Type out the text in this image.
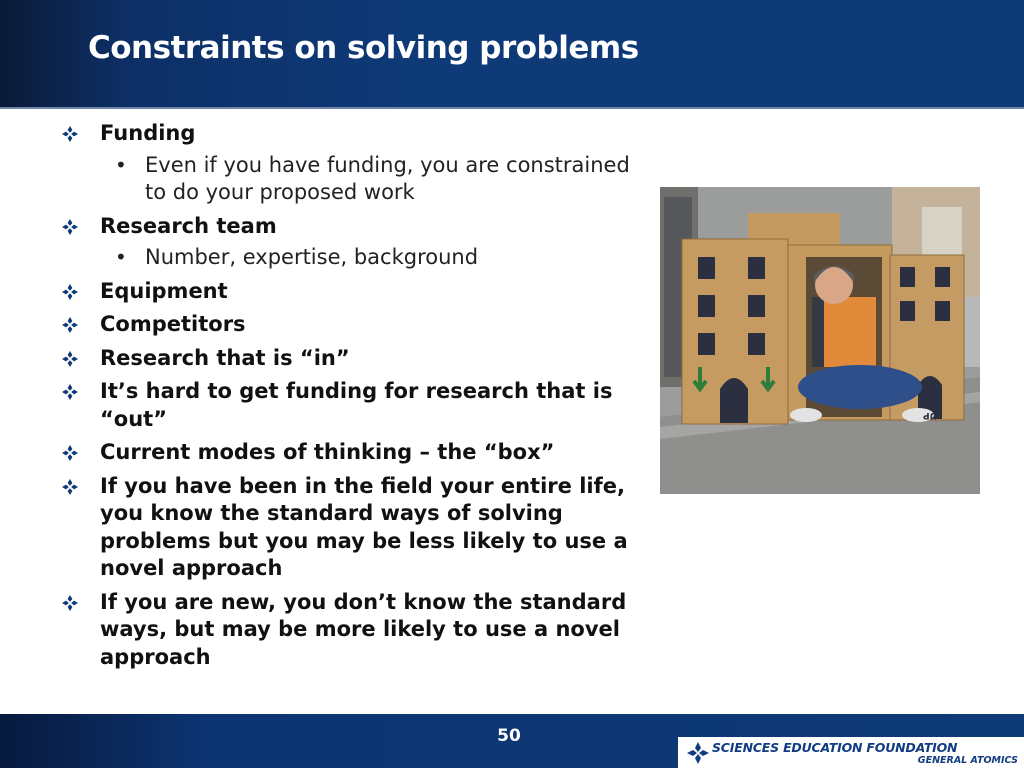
Constraints on solving problems
Funding
• Even if you have funding, you are constrained to do your proposed work
Research team
• Number, expertise, background
Equipment
Competitors
Research that is “in”
It’s hard to get funding for research that is “out”
Current modes of thinking – the “box”
If you have been in the field your entire life, you know the standard ways of solving problems but you may be less likely to use a novel approach
If you are new, you don’t know the standard ways, but may be more likely to use a novel approach
UP	UP
50
SCIENCES EDUCATION FOUNDATION
GENERAL ATOMICS
